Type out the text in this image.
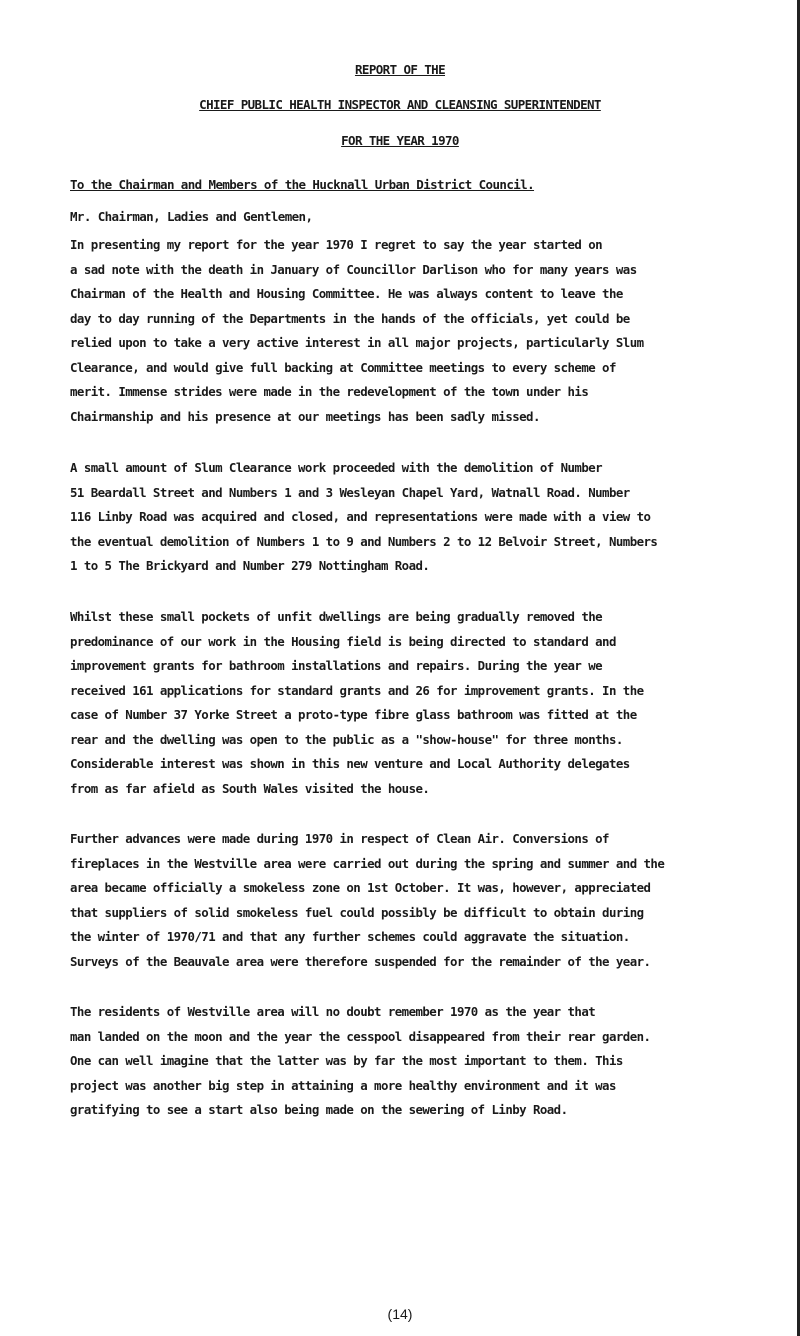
REPORT OF THE
CHIEF PUBLIC HEALTH INSPECTOR AND CLEANSING SUPERINTENDENT
FOR THE YEAR 1970
To the Chairman and Members of the Hucknall Urban District Council.
Mr. Chairman, Ladies and Gentlemen,
In presenting my report for the year 1970 I regret to say the year started on
a sad note with the death in January of Councillor Darlison who for many years was
Chairman of the Health and Housing Committee. He was always content to leave the
day to day running of the Departments in the hands of the officials, yet could be
relied upon to take a very active interest in all major projects, particularly Slum
Clearance, and would give full backing at Committee meetings to every scheme of
merit. Immense strides were made in the redevelopment of the town under his
Chairmanship and his presence at our meetings has been sadly missed.
A small amount of Slum Clearance work proceeded with the demolition of Number
51 Beardall Street and Numbers 1 and 3 Wesleyan Chapel Yard, Watnall Road. Number
116 Linby Road was acquired and closed, and representations were made with a view to
the eventual demolition of Numbers 1 to 9 and Numbers 2 to 12 Belvoir Street, Numbers
1 to 5 The Brickyard and Number 279 Nottingham Road.
Whilst these small pockets of unfit dwellings are being gradually removed the
predominance of our work in the Housing field is being directed to standard and
improvement grants for bathroom installations and repairs. During the year we
received 161 applications for standard grants and 26 for improvement grants. In the
case of Number 37 Yorke Street a proto-type fibre glass bathroom was fitted at the
rear and the dwelling was open to the public as a "show-house" for three months.
Considerable interest was shown in this new venture and Local Authority delegates
from as far afield as South Wales visited the house.
Further advances were made during 1970 in respect of Clean Air. Conversions of
fireplaces in the Westville area were carried out during the spring and summer and the
area became officially a smokeless zone on 1st October. It was, however, appreciated
that suppliers of solid smokeless fuel could possibly be difficult to obtain during
the winter of 1970/71 and that any further schemes could aggravate the situation.
Surveys of the Beauvale area were therefore suspended for the remainder of the year.
The residents of Westville area will no doubt remember 1970 as the year that
man landed on the moon and the year the cesspool disappeared from their rear garden.
One can well imagine that the latter was by far the most important to them. This
project was another big step in attaining a more healthy environment and it was
gratifying to see a start also being made on the sewering of Linby Road.
(14)
